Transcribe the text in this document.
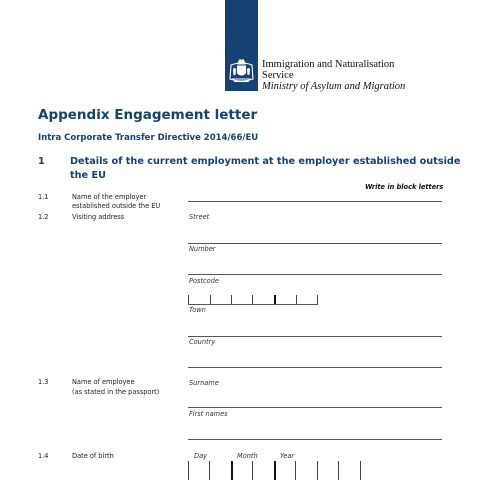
Immigration and Naturalisation
Service
Ministry of Asylum and Migration
Appendix Engagement letter
Intra Corporate Transfer Directive 2014/66/EU
1	Details of the current employment at the employer established outside
the EU
Write in block letters
1.1	Name of the employer
established outside the EU
1.2	Visiting address	Street
Number
Postcode
Town
Country
1.3	Name of employee
(as stated in the passport)
Surname
First names
1.4	Date of birth	Day	Month	Year
